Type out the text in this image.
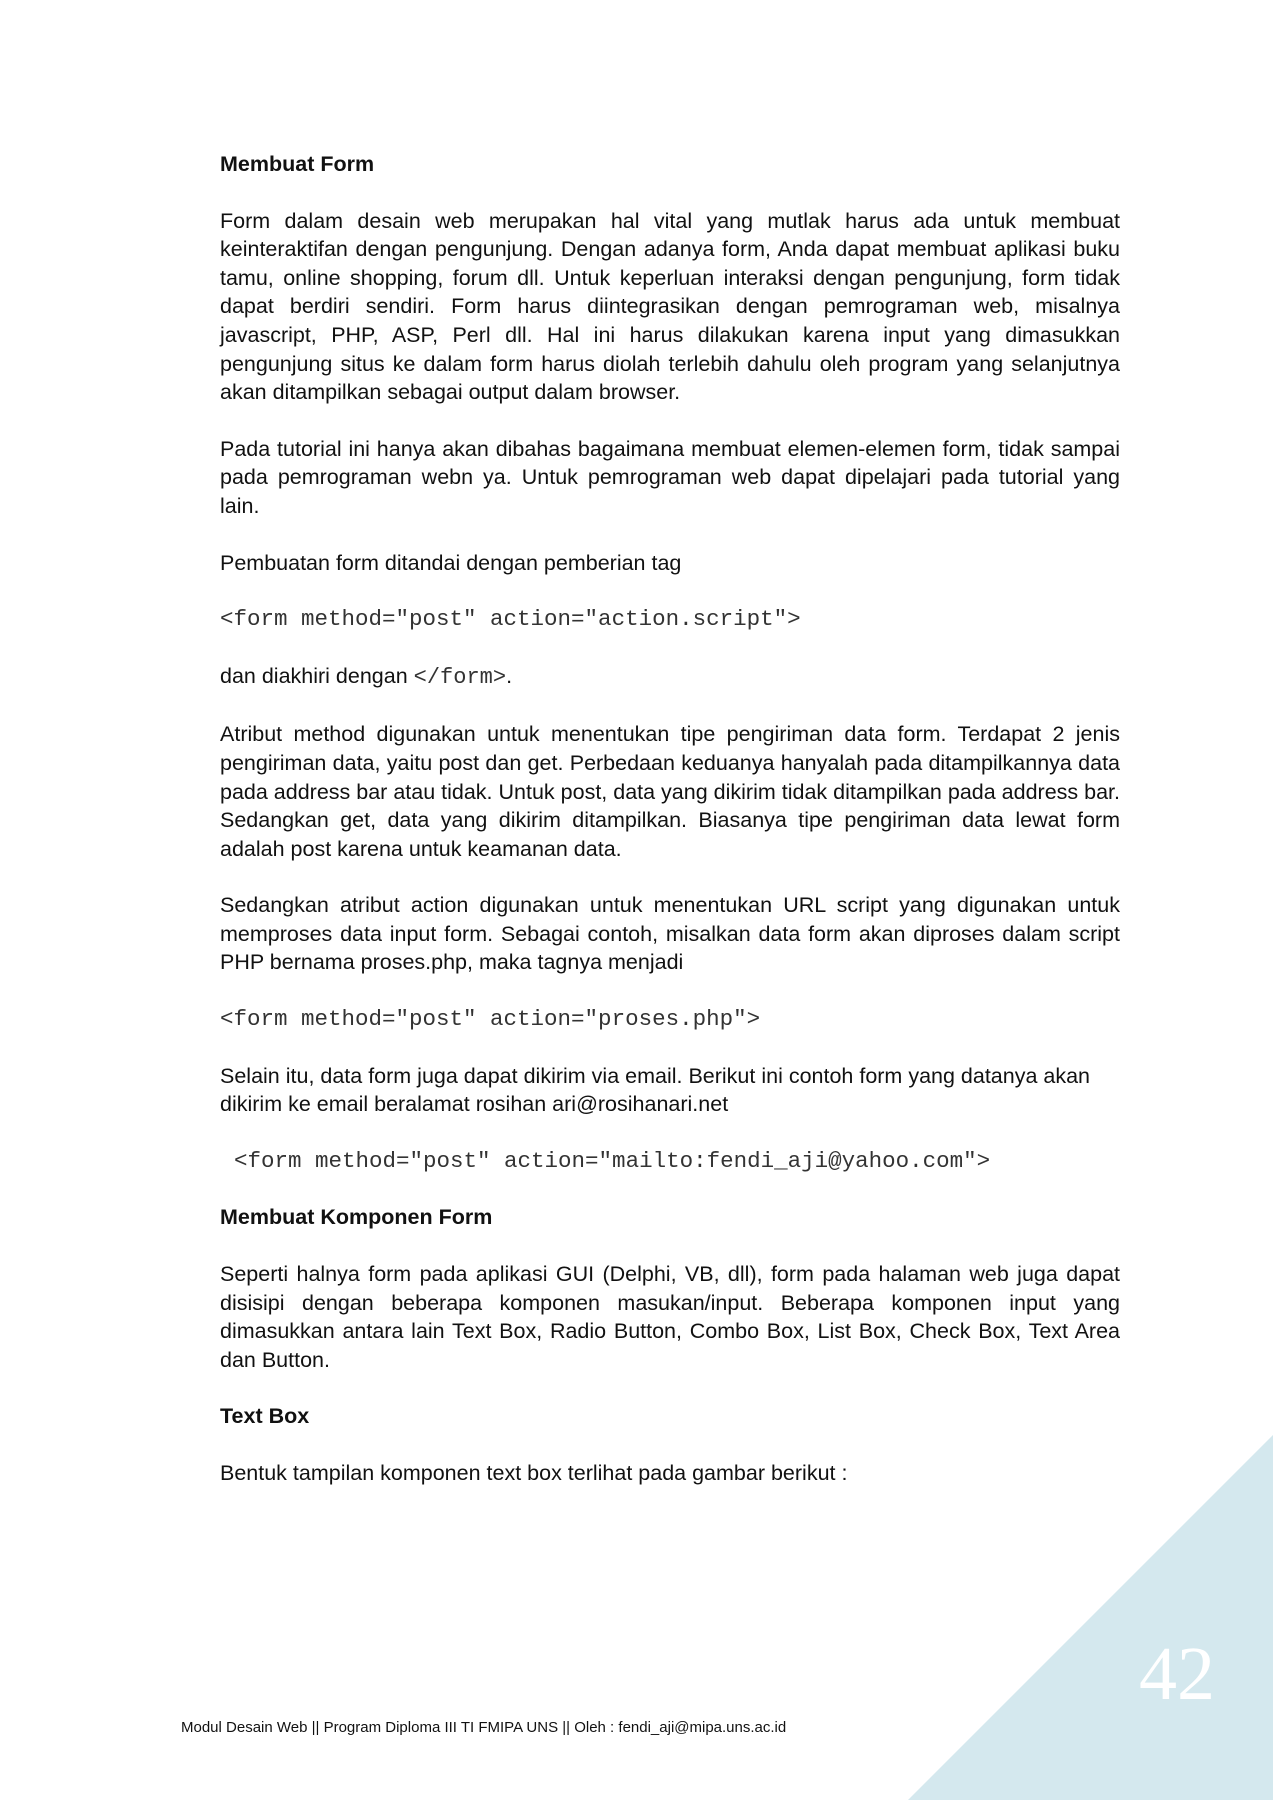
Membuat Form

Form dalam desain web merupakan hal vital yang mutlak harus ada untuk membuat keinteraktifan dengan pengunjung. Dengan adanya form, Anda dapat membuat aplikasi buku tamu, online shopping, forum dll. Untuk keperluan interaksi dengan pengunjung, form tidak dapat berdiri sendiri. Form harus diintegrasikan dengan pemrograman web, misalnya javascript, PHP, ASP, Perl dll. Hal ini harus dilakukan karena input yang dimasukkan pengunjung situs ke dalam form harus diolah terlebih dahulu oleh program yang selanjutnya akan ditampilkan sebagai output dalam browser.

Pada tutorial ini hanya akan dibahas bagaimana membuat elemen-elemen form, tidak sampai pada pemrograman webn ya. Untuk pemrograman web dapat dipelajari pada tutorial yang lain.

Pembuatan form ditandai dengan pemberian tag

<form method="post" action="action.script">

dan diakhiri dengan </form>.

Atribut method digunakan untuk menentukan tipe pengiriman data form. Terdapat 2 jenis pengiriman data, yaitu post dan get. Perbedaan keduanya hanyalah pada ditampilkannya data pada address bar atau tidak. Untuk post, data yang dikirim tidak ditampilkan pada address bar. Sedangkan get, data yang dikirim ditampilkan. Biasanya tipe pengiriman data lewat form adalah post karena untuk keamanan data.

Sedangkan atribut action digunakan untuk menentukan URL script yang digunakan untuk memproses data input form. Sebagai contoh, misalkan data form akan diproses dalam script PHP bernama proses.php, maka tagnya menjadi

<form method="post" action="proses.php">

Selain itu, data form juga dapat dikirim via email. Berikut ini contoh form yang datanya akan dikirim ke email beralamat rosihan ari@rosihanari.net

<form method="post" action="mailto:fendi_aji@yahoo.com">
Membuat Komponen Form

Seperti halnya form pada aplikasi GUI (Delphi, VB, dll), form pada halaman web juga dapat disisipi dengan beberapa komponen masukan/input. Beberapa komponen input yang dimasukkan antara lain Text Box, Radio Button, Combo Box, List Box, Check Box, Text Area dan Button.

Text Box

Bentuk tampilan komponen text box terlihat pada gambar berikut :

42
Modul Desain Web || Program Diploma III TI FMIPA UNS || Oleh : fendi_aji@mipa.uns.ac.id
